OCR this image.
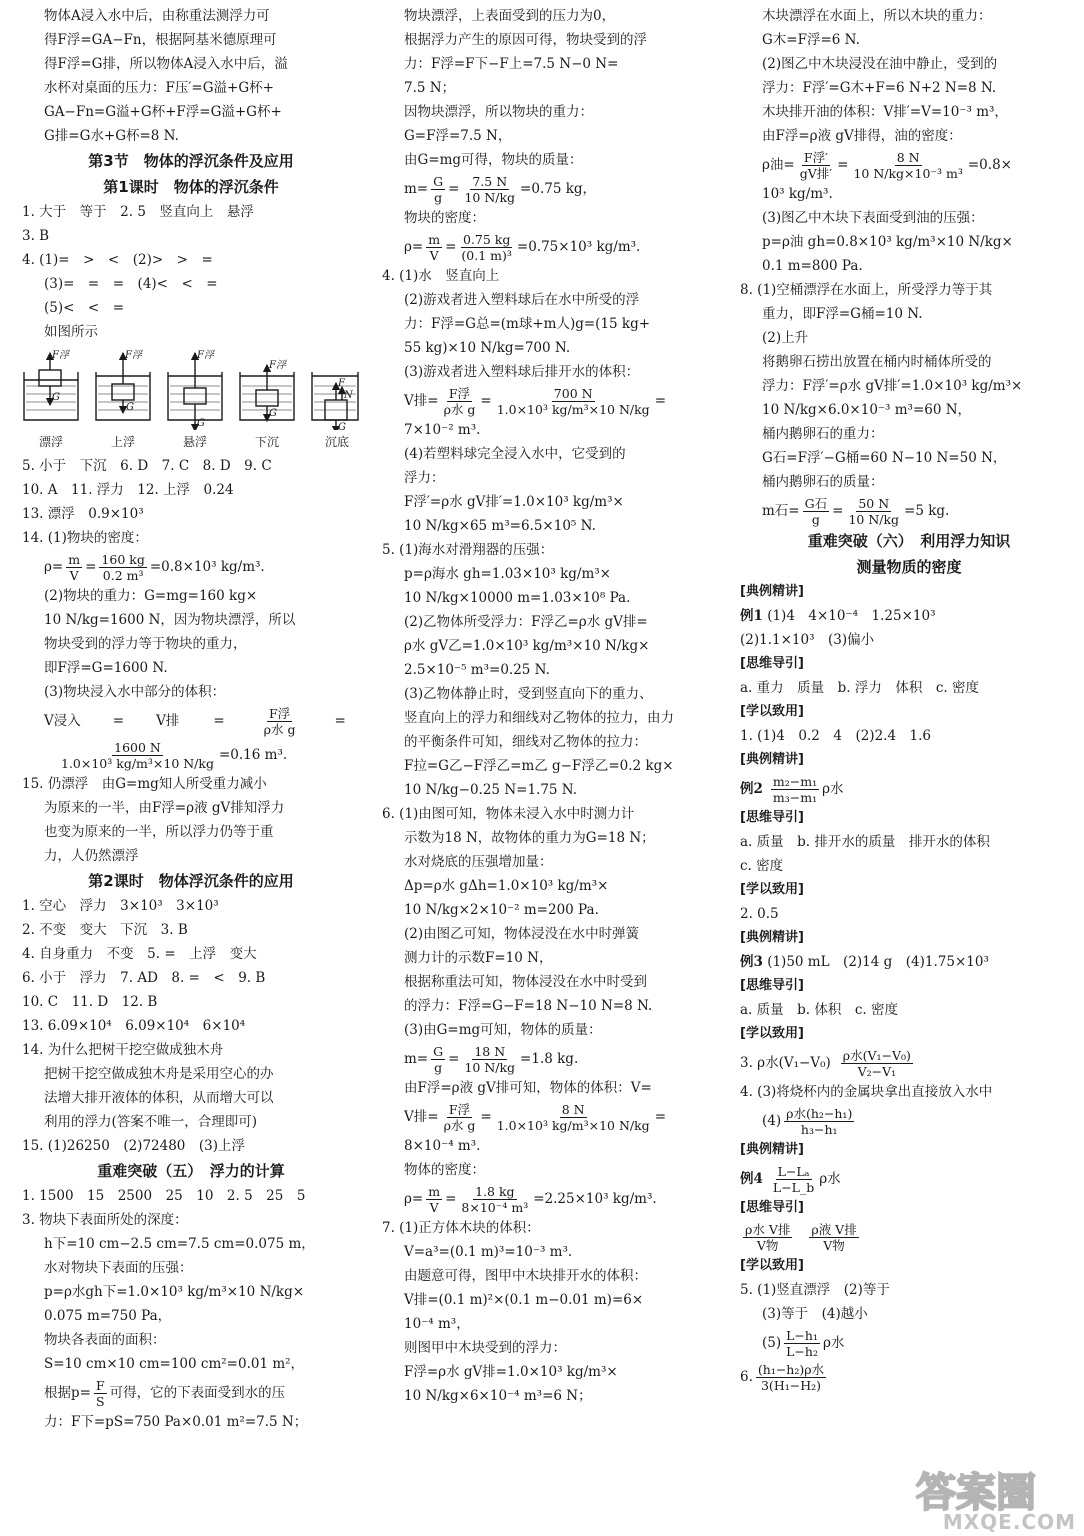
物体A浸入水中后，由称重法测浮力可
得F浮=GA−Fn，根据阿基米德原理可
得F浮=G排，所以物体A浸入水中后，溢
水杯对桌面的压力：F压′=G溢+G杯+
GA−Fn=G溢+G杯+F浮=G溢+G杯+
G排=G水+G杯=8 N.
第3节　物体的浮沉条件及应用
第1课时　物体的浮沉条件
1. 大于　等于　2. 5　竖直向上　悬浮
3. B
4. (1)=　>　<　(2)>　>　=
(3)=　=　=　(4)<　<　=
(5)<　<　=
如图所示
F浮
G
F浮
G
F浮
G
F浮
G
F
N
G
漂浮	上浮	悬浮	下沉	沉底
5. 小于　下沉　6. D　7. C　8. D　9. C
10. A　11. 浮力　12. 上浮　0.24
13. 漂浮　0.9×10³
14. (1)物块的密度：
$\rho= \frac{m}{V} = \frac{160 kg}{\text{0.2 m³}} =0.8\times 10^3$ kg/m³.
(2)物块的重力：G=mg=160 kg×
10 N/kg=1600 N，因为物块漂浮，所以
物块受到的浮力等于物块的重力，
即F浮=G=1600 N.
(3)物块浸入水中部分的体积：
V浸入 = V排	=	$\frac{\text{F浮}}{\text{ρ水 g}}$	=
$\frac{1600 N}{\text{1.0×10³ kg/m³×10 N/kg}} =0.16$ m³.
15. 仍漂浮　由G=mg知人所受重力减小
为原来的一半，由F浮=ρ液 gV排知浮力
也变为原来的一半，所以浮力仍等于重
力，人仍然漂浮
第2课时　物体浮沉条件的应用
1. 空心　浮力　3×10³　3×10³
2. 不变　变大　下沉　3. B
4. 自身重力　不变　5. =　上浮　变大
6. 小于　浮力　7. AD　8. =　<　9. B
10. C　11. D　12. B
13. 6.09×10⁴　6.09×10⁴　6×10⁴
14. 为什么把树干挖空做成独木舟
把树干挖空做成独木舟是采用空心的办
法增大排开液体的体积，从而增大可以
利用的浮力(答案不唯一，合理即可)
15. (1)26250　(2)72480　(3)上浮
重难突破（五）　浮力的计算
1. 1500　15　2500　25　10　2. 5　25　5
3. 物块下表面所处的深度：
h下=10 cm−2.5 cm=7.5 cm=0.075 m，
水对物块下表面的压强：
p=ρ水gh下=1.0×10³ kg/m³×10 N/kg×
0.075 m=750 Pa，
物块各表面的面积：
S=10 cm×10 cm=100 cm²=0.01 m²，
根据$p= \frac{F}{S}$ 可得，它的下表面受到水的压
力：F下=pS=750 Pa×0.01 m²=7.5 N；
物块漂浮，上表面受到的压力为0，
根据浮力产生的原因可得，物块受到的浮
力：F浮=F下−F上=7.5 N−0 N=
7.5 N；
因物块漂浮，所以物块的重力：
G=F浮=7.5 N，
由G=mg可得，物块的质量：
$m= \frac{G}{g} = \frac{7.5 N}{10 N/kg} =0.75$ kg，
物块的密度：
$\rho= \frac{m}{V} = \frac{0.75 kg}{\text{(0.1 m)³}} =0.75\times 10^3$ kg/m³.
4. (1)水　竖直向上
(2)游戏者进入塑料球后在水中所受的浮
力：F浮=G总=(m球+m人)g=(15 kg+
55 kg)×10 N/kg=700 N.
(3)游戏者进入塑料球后排开水的体积：
V排= $\frac{\text{F浮}}{\text{ρ水 g}} = \frac{700 N}{\text{1.0×10³ kg/m³×10 N/kg}}$ =
7×10⁻² m³.
(4)若塑料球完全浸入水中，它受到的
浮力：
F浮′=ρ水 gV排′=1.0×10³ kg/m³×
10 N/kg×65 m³=6.5×10⁵ N.
5. (1)海水对滑翔器的压强：
p=ρ海水 gh=1.03×10³ kg/m³×
10 N/kg×10000 m=1.03×10⁸ Pa.
(2)乙物体所受浮力：F浮乙=ρ水 gV排=
ρ水 gV乙=1.0×10³ kg/m³×10 N/kg×
2.5×10⁻⁵ m³=0.25 N.
(3)乙物体静止时，受到竖直向下的重力、
竖直向上的浮力和细线对乙物体的拉力，由力
的平衡条件可知，细线对乙物体的拉力：
F拉=G乙−F浮乙=m乙 g−F浮乙=0.2 kg×
10 N/kg−0.25 N=1.75 N.
6. (1)由图可知，物体未浸入水中时测力计
示数为18 N，故物体的重力为G=18 N；
水对烧底的压强增加量：
Δp=ρ水 gΔh=1.0×10³ kg/m³×
10 N/kg×2×10⁻² m=200 Pa.
(2)由图乙可知，物体浸没在水中时弹簧
测力计的示数F=10 N，
根据称重法可知，物体浸没在水中时受到
的浮力：F浮=G−F=18 N−10 N=8 N.
(3)由G=mg可知，物体的质量：
$m= \frac{G}{g} = \frac{18 N}{10 N/kg} =1.8$ kg.
由F浮=ρ液 gV排可知，物体的体积：V=
V排= $\frac{\text{F浮}}{\text{ρ水 g}} = \frac{8 N}{\text{1.0×10³ kg/m³×10 N/kg}}$ =
8×10⁻⁴ m³.
物体的密度：
$\rho= \frac{m}{V} = \frac{1.8 kg}{\text{8×10⁻⁴ m³}} =2.25\times 10^3$ kg/m³.
7. (1)正方体木块的体积：
V=a³=(0.1 m)³=10⁻³ m³.
由题意可得，图甲中木块排开水的体积：
V排=(0.1 m)²×(0.1 m−0.01 m)=6×
10⁻⁴ m³，
则图甲中木块受到的浮力：
F浮=ρ水 gV排=1.0×10³ kg/m³×
10 N/kg×6×10⁻⁴ m³=6 N；
木块漂浮在水面上，所以木块的重力：
G木=F浮=6 N.
(2)图乙中木块浸没在油中静止，受到的
浮力：F浮′=G木+F=6 N+2 N=8 N.
木块排开油的体积：V排′=V=10⁻³ m³，
由F浮=ρ液 gV排得，油的密度：
ρ油= $\frac{\text{F浮′}}{\text{gV排′}} = \frac{8 N}{\text{10 N/kg×10⁻³ m³}} =0.8\times$
10³ kg/m³.
(3)图乙中木块下表面受到油的压强：
p=ρ油 gh=0.8×10³ kg/m³×10 N/kg×
0.1 m=800 Pa.
8. (1)空桶漂浮在水面上，所受浮力等于其
重力，即F浮=G桶=10 N.
(2)上升
将鹅卵石捞出放置在桶内时桶体所受的
浮力：F浮′=ρ水 gV排′=1.0×10³ kg/m³×
10 N/kg×6.0×10⁻³ m³=60 N，
桶内鹅卵石的重力：
G石=F浮′−G桶=60 N−10 N=50 N，
桶内鹅卵石的质量：
m石= $\frac{\text{G石}}{g} = \frac{50 N}{10 N/kg} =5$ kg.
重难突破（六）　利用浮力知识
测量物质的密度
[典例精讲]
例1 (1)4　4×10⁻⁴　1.25×10³
(2)1.1×10³　(3)偏小
[思维导引]
a. 重力　质量　b. 浮力　体积　c. 密度
[学以致用]
1. (1)4　0.2　4　(2)2.4　1.6
[典例精讲]
例$2 \frac{\text{m₂−m₁}}{\text{m₃−m₁}}$ ρ水
[思维导引]
a. 质量　b. 排开水的质量　排开水的体积
c. 密度
[学以致用]
2. 0.5
[典例精讲]
例3 (1)50 mL　(2)14 g　(4)1.75×10³
[思维导引]
a. 质量　b. 体积　c. 密度
[学以致用]
3. ρ水$(V_1-V_0) \frac{\text{ρ水(V₁−V₀)}}{\text{V₂−V₁}}$
4. (3)将烧杯内的金属块拿出直接放入水中
$(4) \frac{\text{ρ水(h₂−h₁)}}{\text{h₃−h₁}}$
[典例精讲]
例$4 \frac{\text{L−Lₐ}}{L-L\_b}$ ρ水
[思维导引]
$\frac{\text{ρ水 V排}}{\text{V物}} \frac{\text{ρ液 V排}}{\text{V物}}$
[学以致用]
5. (1)竖直漂浮　(2)等于
(3)等于　(4)越小
$(5) \frac{\text{L−h₁}}{\text{L−h₂}}$ ρ水
6. $\frac{\text{(h₁−h₂)ρ水}}{\text{3(H₁−H₂)}}$
答案圈
MXQE.COM
